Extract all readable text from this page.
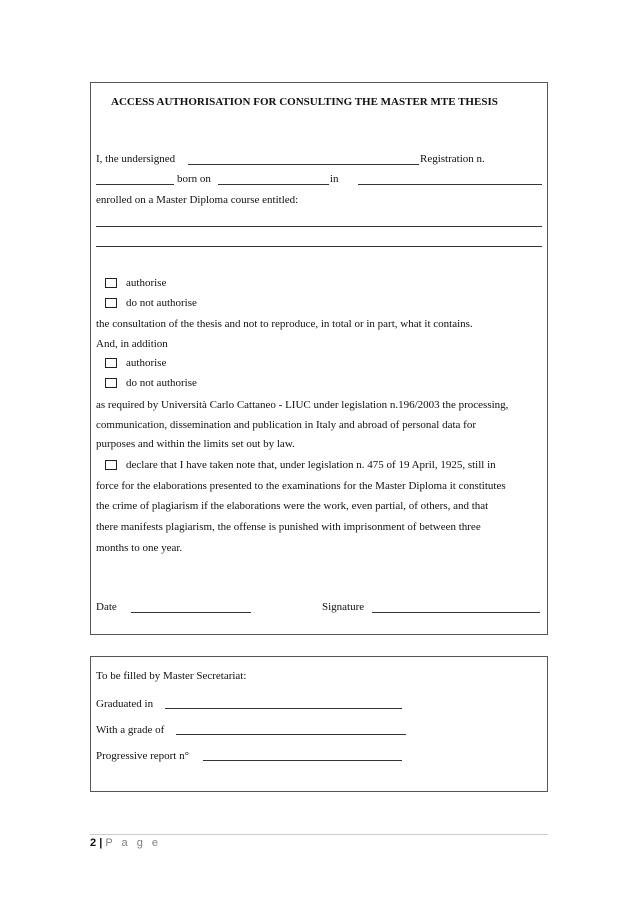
ACCESS AUTHORISATION FOR CONSULTING THE MASTER MTE THESIS
I, the undersigned	Registration n.
born on	in
enrolled on a Master Diploma course entitled:
authorise
do not authorise
the consultation of the thesis and not to reproduce, in total or in part, what it contains.
And, in addition
authorise
do not authorise
as required by Università Carlo Cattaneo - LIUC under legislation n.196/2003 the processing,
communication, dissemination and publication in Italy and abroad of personal data for
purposes and within the limits set out by law.
declare that I have taken note that, under legislation n. 475 of 19 April, 1925, still in
force for the elaborations presented to the examinations for the Master Diploma it constitutes
the crime of plagiarism if the elaborations were the work, even partial, of others, and that
there manifests plagiarism, the offense is punished with imprisonment of between three
months to one year.
Date	Signature
To be filled by Master Secretariat:
Graduated in
With a grade of
Progressive report n°
2 | P a g e
